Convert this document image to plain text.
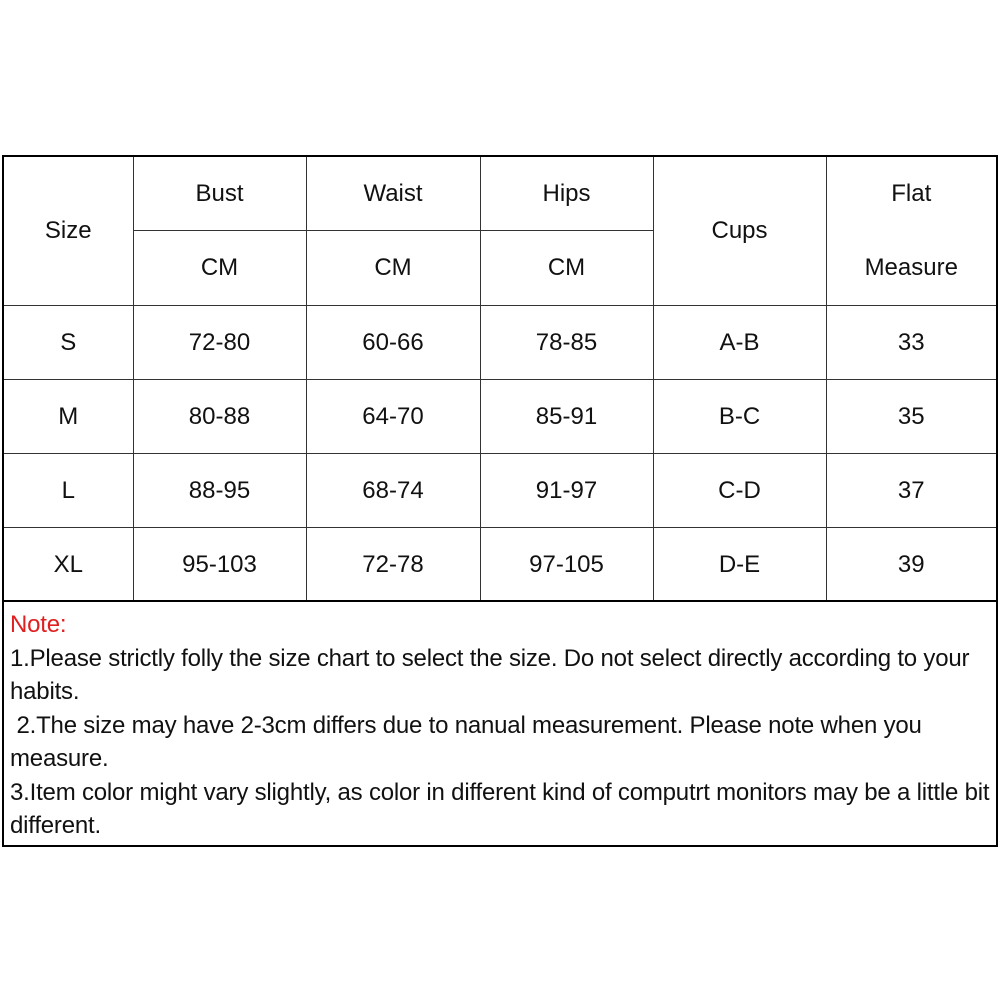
Size	Bust	Waist	Hips	Cups	Flat
Measure
	CM	CM	CM		
S	72-80	60-66	78-85	A-B	33
M	80-88	64-70	85-91	B-C	35
L	88-95	68-74	91-97	C-D	37
XL	95-103	72-78	97-105	D-E	39
Note:
1.Please strictly folly the size chart to select the size. Do not select directly according to your habits.
2.The size may have 2-3cm differs due to nanual measurement. Please note when you measure.
3.Item color might vary slightly, as color in different kind of computrt monitors may be a little bit different.
